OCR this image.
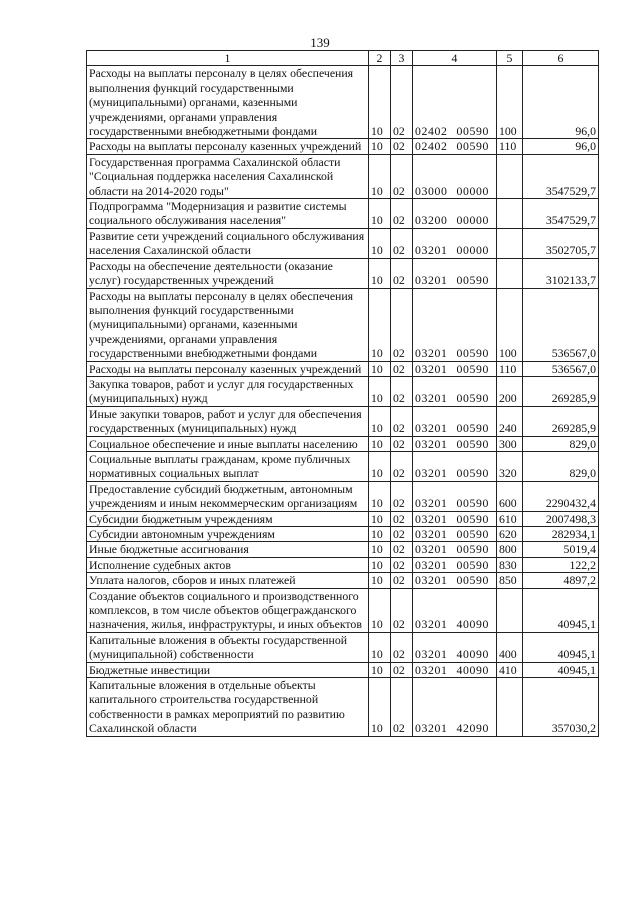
139
1	2	3	4	5	6
Расходы на выплаты персоналу в целях обеспечения выполнения функций государственными (муниципальными) органами, казенными учреждениями, органами управления государственными внебюджетными фондами	10	02	02402 00590	100	96,0
Расходы на выплаты персоналу казенных учреждений	10	02	02402 00590	110	96,0
Государственная программа Сахалинской области "Социальная поддержка населения Сахалинской области на 2014-2020 годы"	10	02	03000 00000		3547529,7
Подпрограмма "Модернизация и развитие системы социального обслуживания населения"	10	02	03200 00000		3547529,7
Развитие сети учреждений социального обслуживания населения Сахалинской области	10	02	03201 00000		3502705,7
Расходы на обеспечение деятельности (оказание услуг) государственных учреждений	10	02	03201 00590		3102133,7
Расходы на выплаты персоналу в целях обеспечения выполнения функций государственными (муниципальными) органами, казенными учреждениями, органами управления государственными внебюджетными фондами	10	02	03201 00590	100	536567,0
Расходы на выплаты персоналу казенных учреждений	10	02	03201 00590	110	536567,0
Закупка товаров, работ и услуг для государственных (муниципальных) нужд	10	02	03201 00590	200	269285,9
Иные закупки товаров, работ и услуг для обеспечения государственных (муниципальных) нужд	10	02	03201 00590	240	269285,9
Социальное обеспечение и иные выплаты населению	10	02	03201 00590	300	829,0
Социальные выплаты гражданам, кроме публичных нормативных социальных выплат	10	02	03201 00590	320	829,0
Предоставление субсидий бюджетным, автономным учреждениям и иным некоммерческим организациям	10	02	03201 00590	600	2290432,4
Субсидии бюджетным учреждениям	10	02	03201 00590	610	2007498,3
Субсидии автономным учреждениям	10	02	03201 00590	620	282934,1
Иные бюджетные ассигнования	10	02	03201 00590	800	5019,4
Исполнение судебных актов	10	02	03201 00590	830	122,2
Уплата налогов, сборов и иных платежей	10	02	03201 00590	850	4897,2
Создание объектов социального и производственного комплексов, в том числе объектов общегражданского назначения, жилья, инфраструктуры, и иных объектов	10	02	03201 40090		40945,1
Капитальные вложения в объекты государственной (муниципальной) собственности	10	02	03201 40090	400	40945,1
Бюджетные инвестиции	10	02	03201 40090	410	40945,1
Капитальные вложения в отдельные объекты капитального строительства государственной собственности в рамках мероприятий по развитию Сахалинской области	10	02	03201 42090		357030,2
